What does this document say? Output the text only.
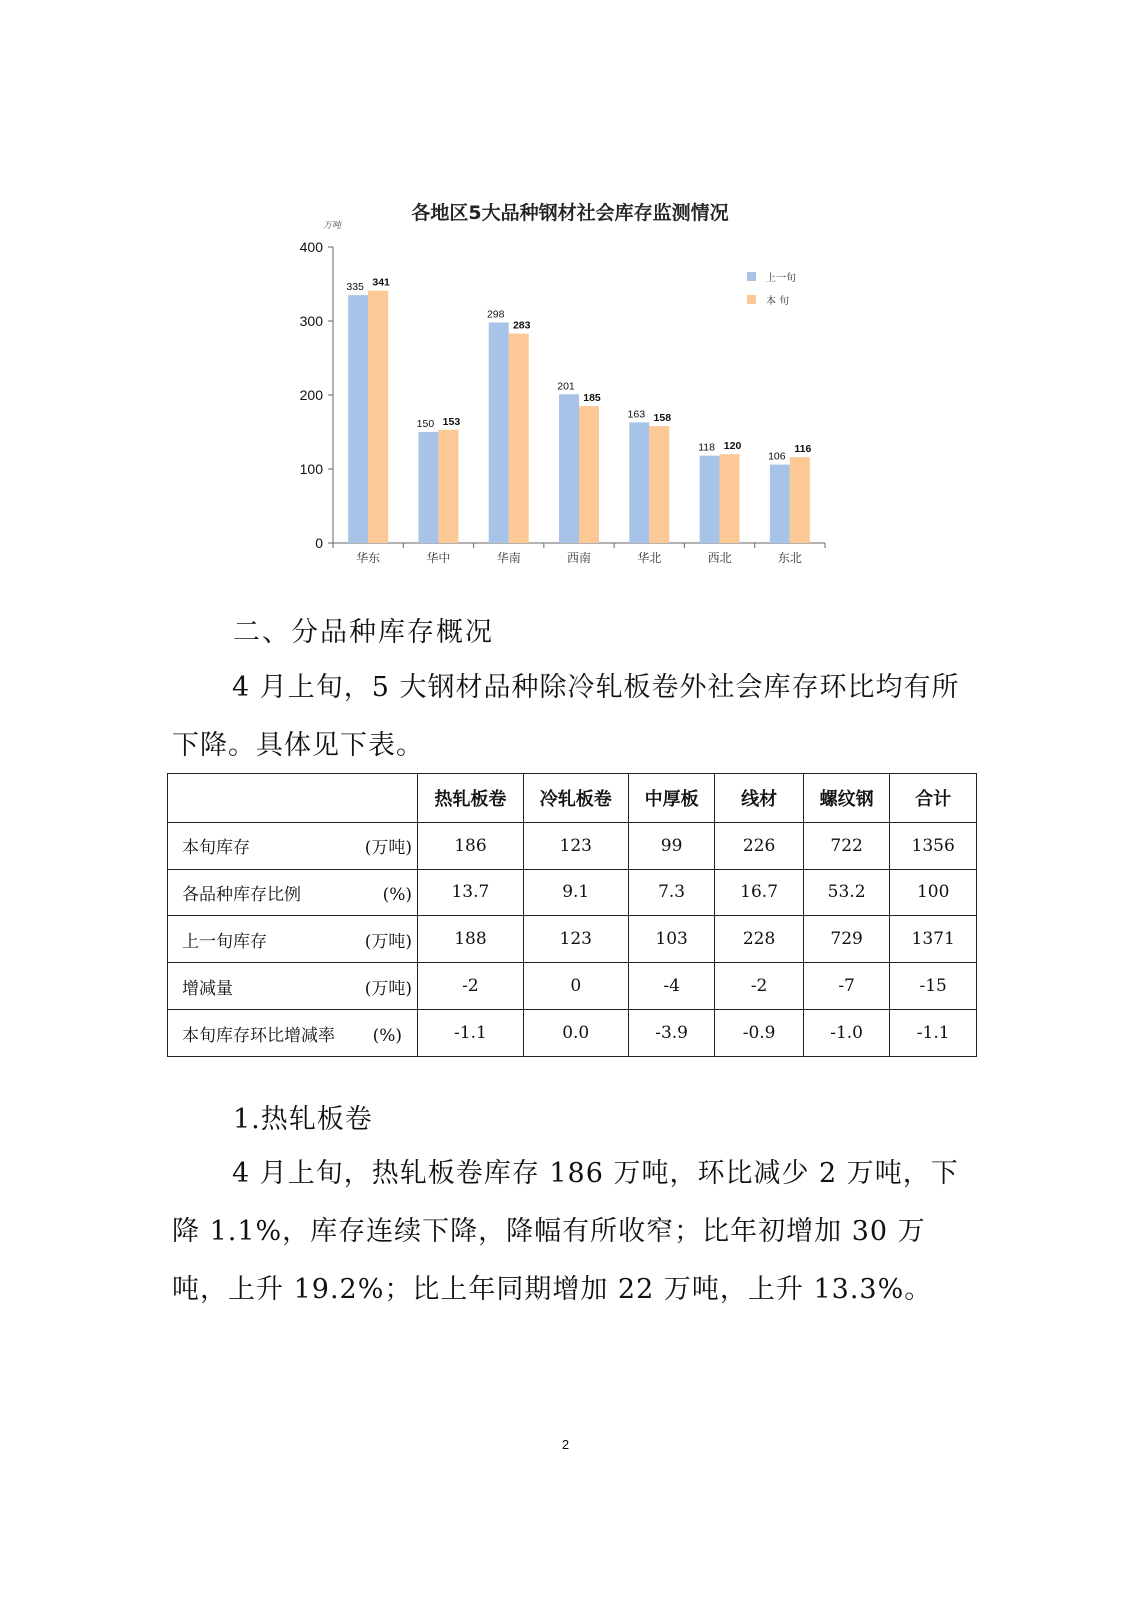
各地区5大品种钢材社会库存监测情况
万吨
0
100
200
300
400
华东
335 341
华中
150 153
华南
298
283
西南
201
185
华北
163 158
西北
118 120
东北
106
116
上一旬
本 旬
二、分品种库存概况
4 月上旬，5 大钢材品种除冷轧板卷外社会库存环比均有所下降。具体见下表。
	热轧板卷	冷轧板卷	中厚板	线材	螺纹钢	合计
本旬库存 (万吨)	186	123	99	226	722	1356
各品种库存比例 (%)	13.7	9.1	7.3	16.7	53.2	100
上一旬库存 (万吨)	188	123	103	228	729	1371
增减量 (万吨)	-2	0	-4	-2	-7	-15
本旬库存环比增减率 (%)	-1.1	0.0	-3.9	-0.9	-1.0	-1.1
1.热轧板卷
4 月上旬，热轧板卷库存 186 万吨，环比减少 2 万吨，下降 1.1%，库存连续下降，降幅有所收窄；比年初增加 30 万吨，上升 19.2%；比上年同期增加 22 万吨，上升 13.3%。
2
